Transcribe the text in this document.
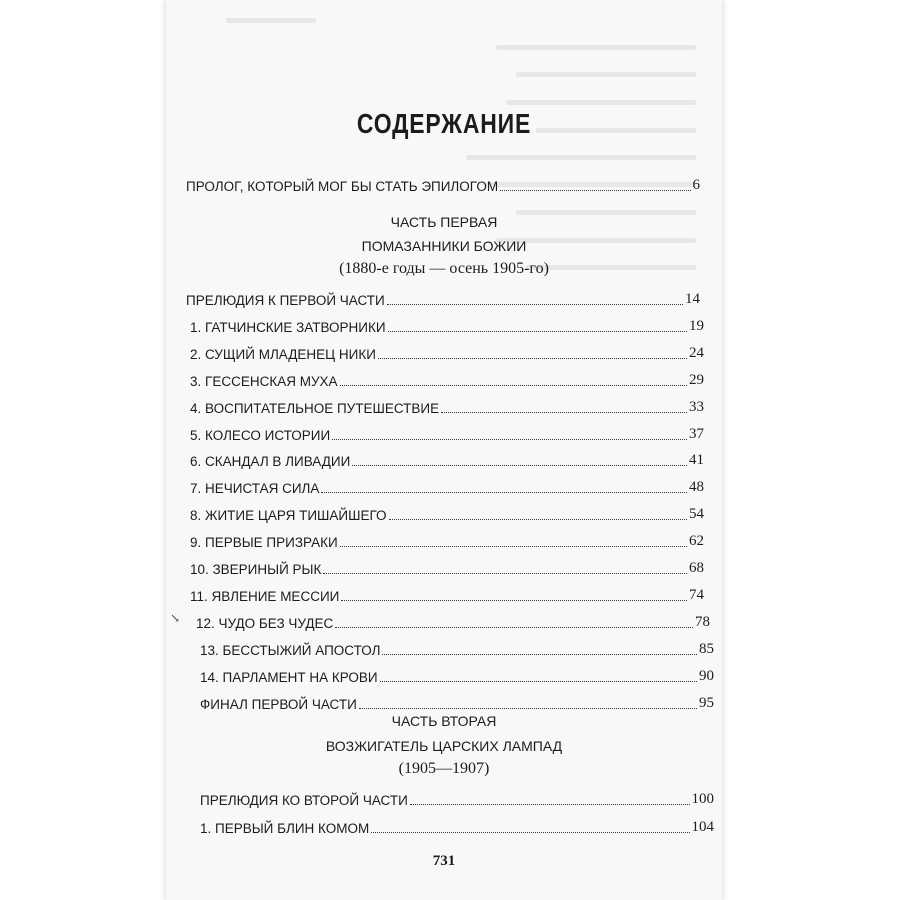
СОДЕРЖАНИЕ
ПРОЛОГ, КОТОРЫЙ МОГ БЫ СТАТЬ ЭПИЛОГОМ	6
ЧАСТЬ ПЕРВАЯ
ПОМАЗАННИКИ БОЖИИ
(1880-е годы — осень 1905-го)
ПРЕЛЮДИЯ К ПЕРВОЙ ЧАСТИ	14
1. ГАТЧИНСКИЕ ЗАТВОРНИКИ	19
2. СУЩИЙ МЛАДЕНЕЦ НИКИ	24
3. ГЕССЕНСКАЯ МУХА	29
4. ВОСПИТАТЕЛЬНОЕ ПУТЕШЕСТВИЕ	33
5. КОЛЕСО ИСТОРИИ	37
6. СКАНДАЛ В ЛИВАДИИ	41
7. НЕЧИСТАЯ СИЛА	48
8. ЖИТИЕ ЦАРЯ ТИШАЙШЕГО	54
9. ПЕРВЫЕ ПРИЗРАКИ	62
10. ЗВЕРИНЫЙ РЫК	68
11. ЯВЛЕНИЕ МЕССИИ	74
12. ЧУДО БЕЗ ЧУДЕС	78
13. БЕССТЫЖИЙ АПОСТОЛ	85
14. ПАРЛАМЕНТ НА КРОВИ	90
ФИНАЛ ПЕРВОЙ ЧАСТИ	95
ЧАСТЬ ВТОРАЯ
ВОЗЖИГАТЕЛЬ ЦАРСКИХ ЛАМПАД
(1905—1907)
ПРЕЛЮДИЯ КО ВТОРОЙ ЧАСТИ	100
1. ПЕРВЫЙ БЛИН КОМОМ	104
↘
731
